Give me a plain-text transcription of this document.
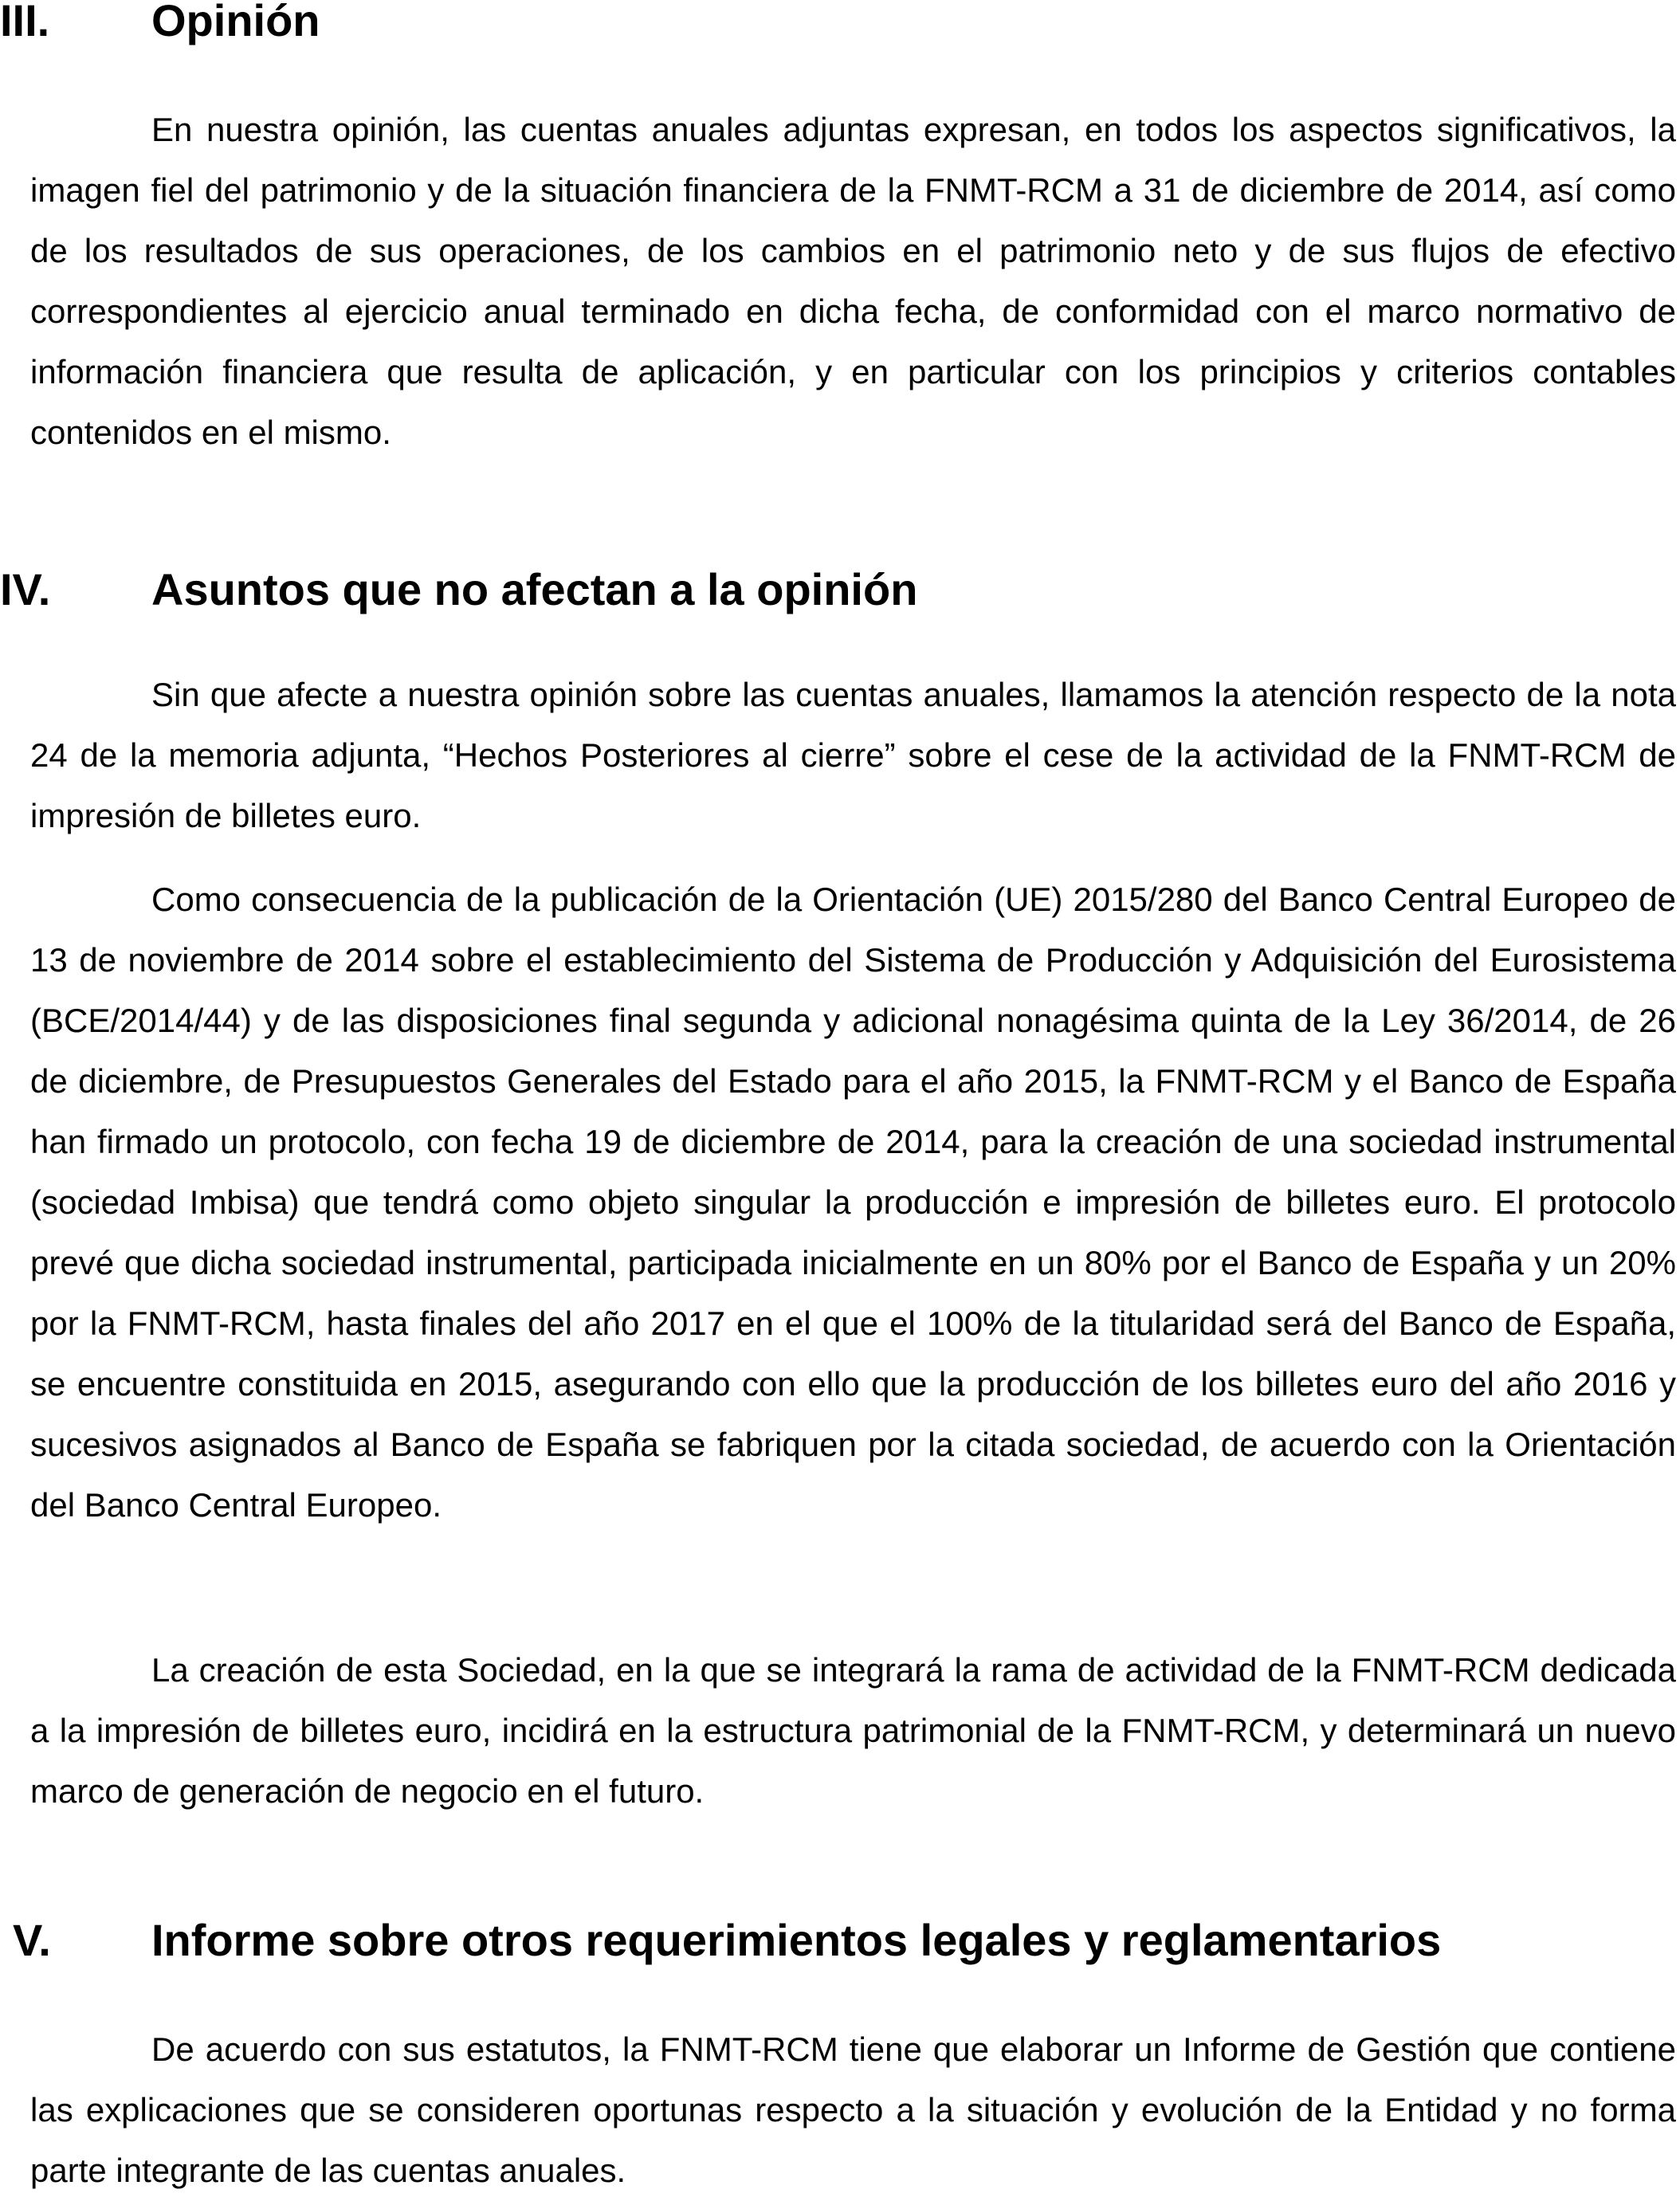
III. Opinión

En nuestra opinión, las cuentas anuales adjuntas expresan, en todos los aspectos significativos, la imagen fiel del patrimonio y de la situación financiera de la FNMT-RCM a 31 de diciembre de 2014, así como de los resultados de sus operaciones, de los cambios en el patrimonio neto y de sus flujos de efectivo correspondientes al ejercicio anual terminado en dicha fecha, de conformidad con el marco normativo de información financiera que resulta de aplicación, y en particular con los principios y criterios contables contenidos en el mismo.

IV. Asuntos que no afectan a la opinión

Sin que afecte a nuestra opinión sobre las cuentas anuales, llamamos la atención respecto de la nota 24 de la memoria adjunta, “Hechos Posteriores al cierre” sobre el cese de la actividad de la FNMT-RCM de impresión de billetes euro.

Como consecuencia de la publicación de la Orientación (UE) 2015/280 del Banco Central Europeo de 13 de noviembre de 2014 sobre el establecimiento del Sistema de Producción y Adquisición del Eurosistema (BCE/2014/44) y de las disposiciones final segunda y adicional nonagésima quinta de la Ley 36/2014, de 26 de diciembre, de Presupuestos Generales del Estado para el año 2015, la FNMT-RCM y el Banco de España han firmado un protocolo, con fecha 19 de diciembre de 2014, para la creación de una sociedad instrumental (sociedad Imbisa) que tendrá como objeto singular la producción e impresión de billetes euro. El protocolo prevé que dicha sociedad instrumental, participada inicialmente en un 80% por el Banco de España y un 20% por la FNMT-RCM, hasta finales del año 2017 en el que el 100% de la titularidad será del Banco de España, se encuentre constituida en 2015, asegurando con ello que la producción de los billetes euro del año 2016 y sucesivos asignados al Banco de España se fabriquen por la citada sociedad, de acuerdo con la Orientación del Banco Central Europeo.

La creación de esta Sociedad, en la que se integrará la rama de actividad de la FNMT-RCM dedicada a la impresión de billetes euro, incidirá en la estructura patrimonial de la FNMT-RCM, y determinará un nuevo marco de generación de negocio en el futuro.

V. Informe sobre otros requerimientos legales y reglamentarios

De acuerdo con sus estatutos, la FNMT-RCM tiene que elaborar un Informe de Gestión que contiene las explicaciones que se consideren oportunas respecto a la situación y evolución de la Entidad y no forma parte integrante de las cuentas anuales.
